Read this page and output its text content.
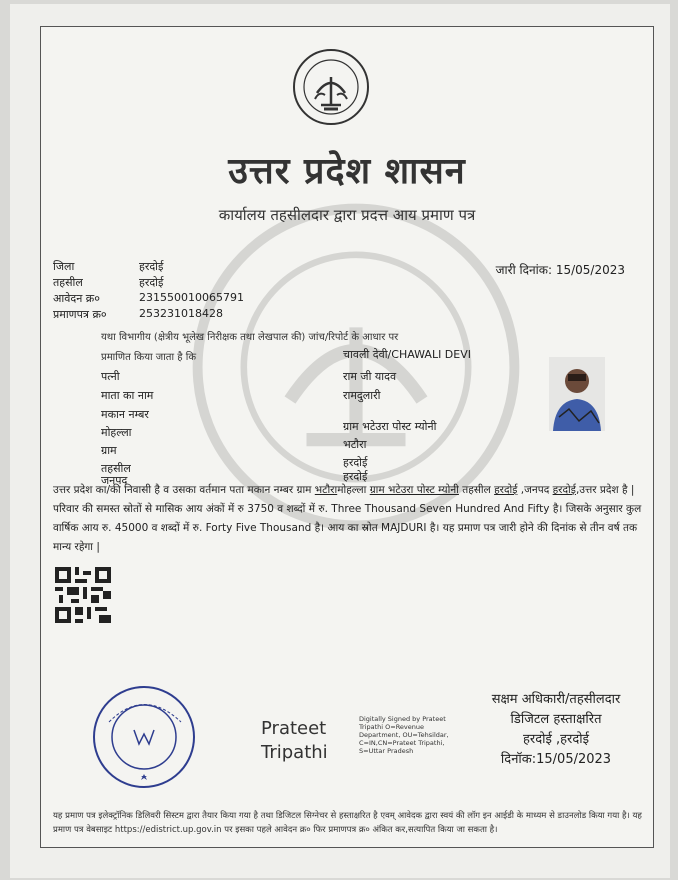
उत्तर प्रदेश शासन
कार्यालय तहसीलदार द्वारा प्रदत्त आय प्रमाण पत्र
जारी दिनांक: 15/05/2023
जिला	हरदोई
तहसील	हरदोई
आवेदन क्र०	231550010065791
प्रमाणपत्र क्र०	253231018428
यथा विभागीय (क्षेत्रीय भूलेख निरीक्षक तथा लेखपाल की) जांच/रिपोर्ट के आधार पर
प्रमाणित किया जाता है कि	चावली देवी/CHAWALI DEVI
पत्नी	राम जी यादव
माता का नाम	रामदुलारी
मकान नम्बर
मोहल्ला	ग्राम भटेउरा पोस्ट म्योनी
ग्राम	भटौरा
तहसील	हरदोई
जनपद	हरदोई
उत्तर प्रदेश का/की निवासी है व उसका वर्तमान पता मकान नम्बर ग्राम भटौरामोहल्ला ग्राम भटेउरा पोस्ट म्योनी तहसील हरदोई ,जनपद हरदोई,उत्तर प्रदेश है | परिवार की समस्त स्रोतों से मासिक आय अंकों में रु 3750 व शब्दों में रु. Three Thousand Seven Hundred And Fifty है। जिसके अनुसार कुल वार्षिक आय रु. 45000 व शब्दों में रु. Forty Five Thousand है। आय का स्रोत MAJDURI है। यह प्रमाण पत्र जारी होने की दिनांक से तीन वर्ष तक मान्य रहेगा |
Prateet
Tripathi
Digitally Signed by Prateet Tripathi O=Revenue Department, OU=Tehsildar, C=IN,CN=Prateet Tripathi, S=Uttar Pradesh
सक्षम अधिकारी/तहसीलदार
डिजिटल हस्ताक्षरित
हरदोई ,हरदोई
दिनॉक:15/05/2023
यह प्रमाण पत्र इलेक्ट्रॉनिक डिलिवरी सिस्टम द्वारा तैयार किया गया है तथा डिजिटल सिग्नेचर से हस्ताक्षरित है एवम् आवेदक द्वारा स्वयं की लॉग इन आईडी के माध्यम से डाउनलोड किया गया है। यह प्रमाण पत्र वेबसाइट https://edistrict.up.gov.in पर इसका पहले आवेदन क्र० फिर प्रमाणपत्र क्र० अंकित कर,सत्यापित किया जा सकता है।
